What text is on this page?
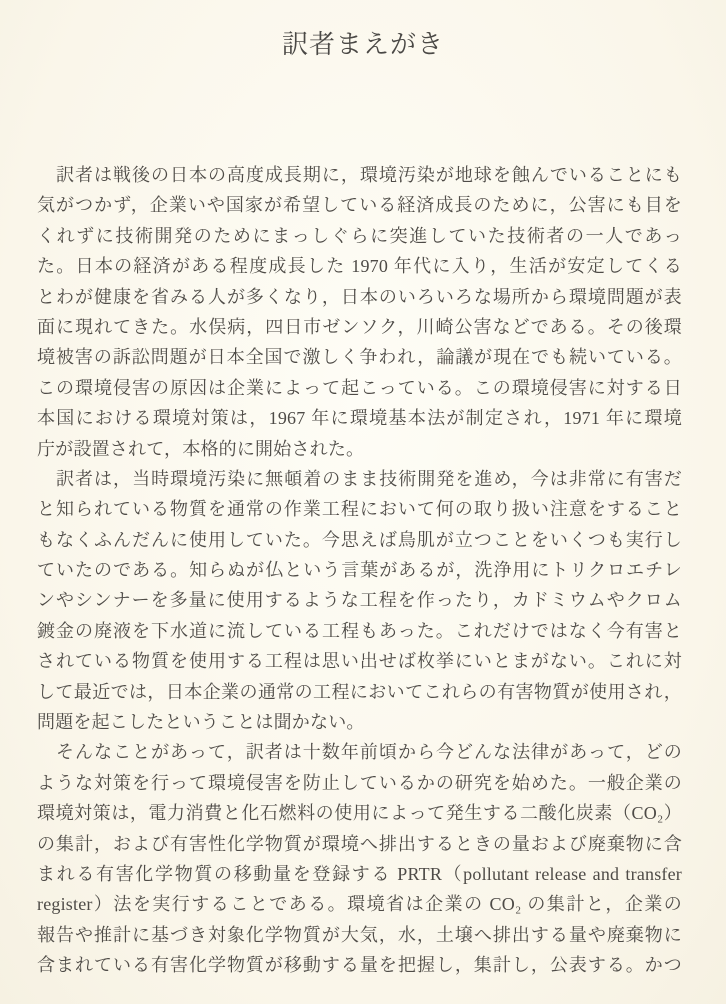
訳者まえがき
訳者は戦後の日本の高度成長期に，環境汚染が地球を蝕んでいることにも
気がつかず，企業いや国家が希望している経済成長のために，公害にも目を
くれずに技術開発のためにまっしぐらに突進していた技術者の一人であっ
た。日本の経済がある程度成長した 1970 年代に入り，生活が安定してくる
とわが健康を省みる人が多くなり，日本のいろいろな場所から環境問題が表
面に現れてきた。水俣病，四日市ゼンソク，川崎公害などである。その後環
境被害の訴訟問題が日本全国で激しく争われ，論議が現在でも続いている。
この環境侵害の原因は企業によって起こっている。この環境侵害に対する日
本国における環境対策は，1967 年に環境基本法が制定され，1971 年に環境
庁が設置されて，本格的に開始された。
訳者は，当時環境汚染に無頓着のまま技術開発を進め，今は非常に有害だ
と知られている物質を通常の作業工程において何の取り扱い注意をすること
もなくふんだんに使用していた。今思えば鳥肌が立つことをいくつも実行し
ていたのである。知らぬが仏という言葉があるが，洗浄用にトリクロエチレ
ンやシンナーを多量に使用するような工程を作ったり，カドミウムやクロム
鍍金の廃液を下水道に流している工程もあった。これだけではなく今有害と
されている物質を使用する工程は思い出せば枚挙にいとまがない。これに対
して最近では，日本企業の通常の工程においてこれらの有害物質が使用され，
問題を起こしたということは聞かない。
そんなことがあって，訳者は十数年前頃から今どんな法律があって，どの
ような対策を行って環境侵害を防止しているかの研究を始めた。一般企業の
環境対策は，電力消費と化石燃料の使用によって発生する二酸化炭素（CO₂）
の集計，および有害性化学物質が環境へ排出するときの量および廃棄物に含
まれる有害化学物質の移動量を登録する PRTR（pollutant release and transfer
register）法を実行することである。環境省は企業の CO₂ の集計と，企業の
報告や推計に基づき対象化学物質が大気，水，土壌へ排出する量や廃棄物に
含まれている有害化学物質が移動する量を把握し，集計し，公表する。かつ
